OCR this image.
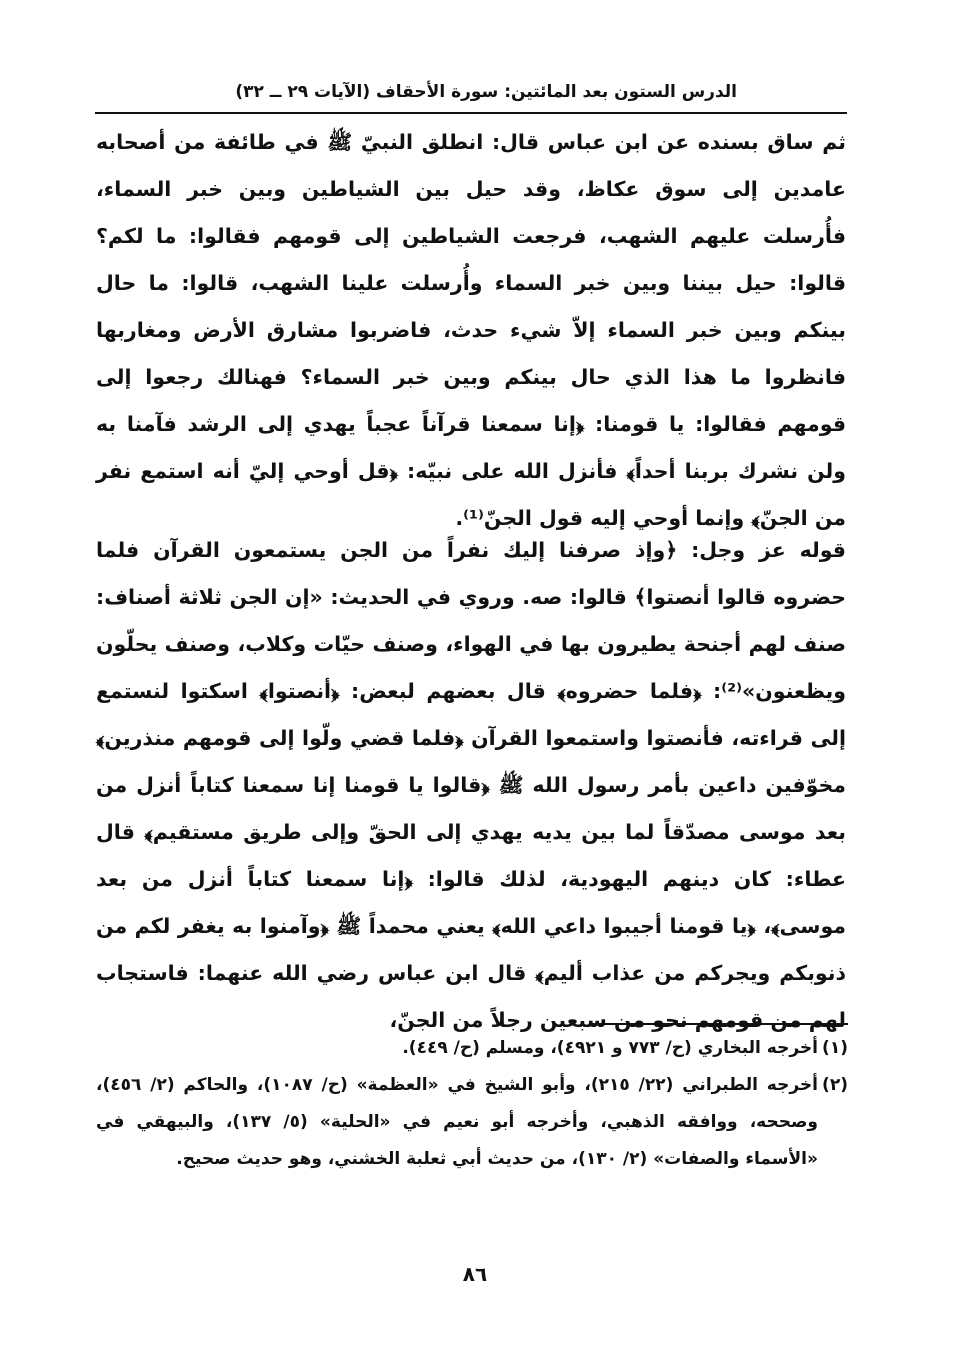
الدرس الستون بعد المائتين: سورة الأحقاف (الآيات ٢٩ ــ ٣٢)

ثم ساق بسنده عن ابن عباس قال: انطلق النبيّ ﷺ في طائفة من أصحابه عامدين إلى سوق عكاظ، وقد حيل بين الشياطين وبين خبر السماء، فأُرسلت عليهم الشهب، فرجعت الشياطين إلى قومهم فقالوا: ما لكم؟ قالوا: حيل بيننا وبين خبر السماء وأُرسلت علينا الشهب، قالوا: ما حال بينكم وبين خبر السماء إلاّ شيء حدث، فاضربوا مشارق الأرض ومغاربها فانظروا ما هذا الذي حال بينكم وبين خبر السماء؟ فهنالك رجعوا إلى قومهم فقالوا: يا قومنا: ﴿إنا سمعنا قرآناً عجباً يهدي إلى الرشد فآمنا به ولن نشرك بربنا أحداً﴾ فأنزل الله على نبيّه: ﴿قل أوحي إليّ أنه استمع نفر من الجنّ﴾ وإنما أوحي إليه قول الجنّ⁽¹⁾.

قوله عز وجل: ﴿وإذ صرفنا إليك نفراً من الجن يستمعون القرآن فلما حضروه قالوا أنصتوا﴾ قالوا: صه. وروي في الحديث: «إن الجن ثلاثة أصناف: صنف لهم أجنحة يطيرون بها في الهواء، وصنف حيّات وكلاب، وصنف يحلّون ويظعنون»⁽²⁾: ﴿فلما حضروه﴾ قال بعضهم لبعض: ﴿أنصتوا﴾ اسكتوا لنستمع إلى قراءته، فأنصتوا واستمعوا القرآن ﴿فلما قضي ولّوا إلى قومهم منذرين﴾ مخوّفين داعين بأمر رسول الله ﷺ ﴿قالوا يا قومنا إنا سمعنا كتاباً أنزل من بعد موسى مصدّقاً لما بين يديه يهدي إلى الحقّ وإلى طريق مستقيم﴾ قال عطاء: كان دينهم اليهودية، لذلك قالوا: ﴿إنا سمعنا كتاباً أنزل من بعد موسى﴾، ﴿يا قومنا أجيبوا داعي الله﴾ يعني محمداً ﷺ ﴿وآمنوا به يغفر لكم من ذنوبكم ويجركم من عذاب أليم﴾ قال ابن عباس رضي الله عنهما: فاستجاب لهم من قومهم نحو من سبعين رجلاً من الجنّ،

(١)
أخرجه البخاري (ح/ ٧٧٣ و ٤٩٢١)، ومسلم (ح/ ٤٤٩).
(٢)
أخرجه الطبراني (٢٢/ ٢١٥)، وأبو الشيخ في «العظمة» (ح/ ١٠٨٧)، والحاكم (٢/ ٤٥٦)، وصححه، ووافقه الذهبي، وأخرجه أبو نعيم في «الحلية» (٥/ ١٣٧)، والبيهقي في «الأسماء والصفات» (٢/ ١٣٠)، من حديث أبي ثعلبة الخشني، وهو حديث صحيح.
٨٦
